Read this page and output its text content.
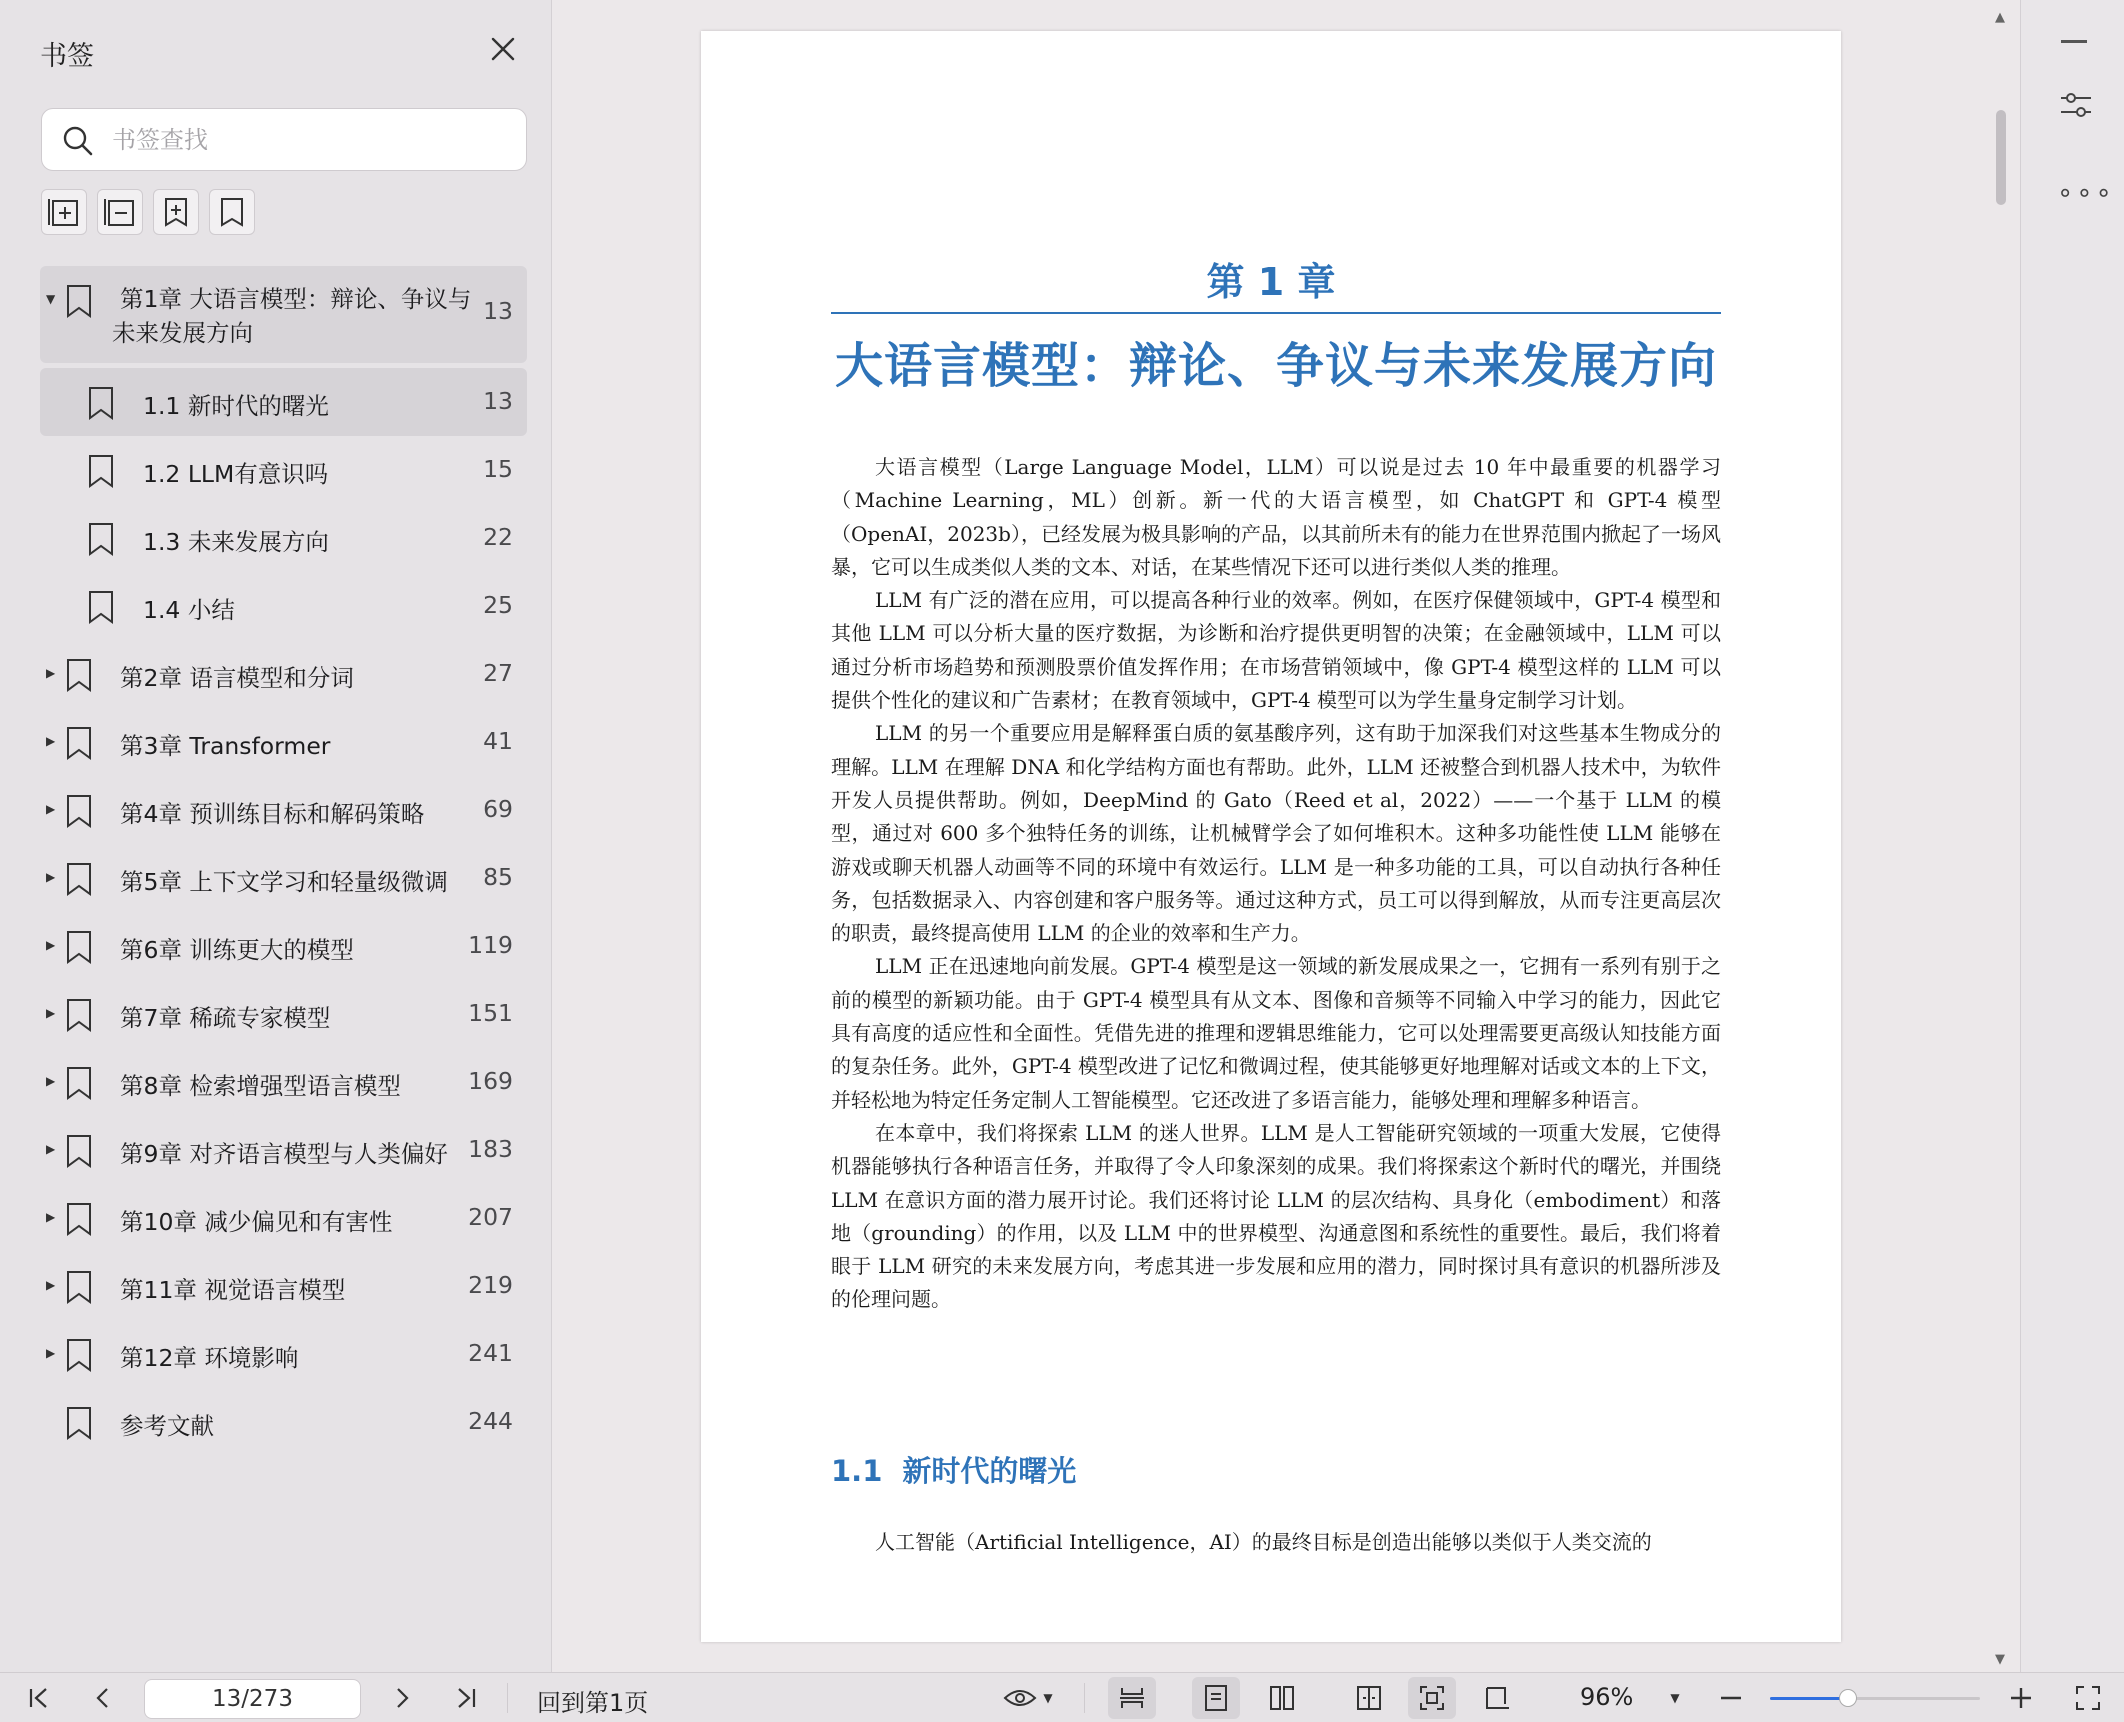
书签
书签查找
▼	第1章 大语言模型：辩论、争议与
未来发展方向
13
1.1 新时代的曙光	13
1.2 LLM有意识吗	15
1.3 未来发展方向	22
1.4 小结	25
▶	第2章 语言模型和分词	27
▶	第3章 Transformer	41
▶	第4章 预训练目标和解码策略 69
▶	第5章 上下文学习和轻量级微调 85
▶	第6章 训练更大的模型	119
▶	第7章 稀疏专家模型	151
▶	第8章 检索增强型语言模型	169
▶	第9章 对齐语言模型与人类偏好 183
▶	第10章 减少偏见和有害性	207
▶	第11章 视觉语言模型	219
▶	第12章 环境影响	241
参考文献	244
第 1 章
大语言模型：辩论、争议与未来发展方向

大语言模型（Large Language Model，LLM）可以说是过去 10 年中最重要的机器学习（Machine Learning，ML）创新。新一代的大语言模型，如 ChatGPT 和 GPT-4 模型（OpenAI，2023b），已经发展为极具影响的产品，以其前所未有的能力在世界范围内掀起了一场风暴，它可以生成类似人类的文本、对话，在某些情况下还可以进行类似人类的推理。

LLM 有广泛的潜在应用，可以提高各种行业的效率。例如，在医疗保健领域中，GPT-4 模型和其他 LLM 可以分析大量的医疗数据，为诊断和治疗提供更明智的决策；在金融领域中，LLM 可以通过分析市场趋势和预测股票价值发挥作用；在市场营销领域中，像 GPT-4 模型这样的 LLM 可以提供个性化的建议和广告素材；在教育领域中，GPT-4 模型可以为学生量身定制学习计划。

LLM 的另一个重要应用是解释蛋白质的氨基酸序列，这有助于加深我们对这些基本生物成分的理解。LLM 在理解 DNA 和化学结构方面也有帮助。此外，LLM 还被整合到机器人技术中，为软件开发人员提供帮助。例如，DeepMind 的 Gato（Reed et al，2022）——一个基于 LLM 的模型，通过对 600 多个独特任务的训练，让机械臂学会了如何堆积木。这种多功能性使 LLM 能够在游戏或聊天机器人动画等不同的环境中有效运行。LLM 是一种多功能的工具，可以自动执行各种任务，包括数据录入、内容创建和客户服务等。通过这种方式，员工可以得到解放，从而专注更高层次的职责，最终提高使用 LLM 的企业的效率和生产力。

LLM 正在迅速地向前发展。GPT-4 模型是这一领域的新发展成果之一，它拥有一系列有别于之前的模型的新颖功能。由于 GPT-4 模型具有从文本、图像和音频等不同输入中学习的能力，因此它具有高度的适应性和全面性。凭借先进的推理和逻辑思维能力，它可以处理需要更高级认知技能方面的复杂任务。此外，GPT-4 模型改进了记忆和微调过程，使其能够更好地理解对话或文本的上下文，并轻松地为特定任务定制人工智能模型。它还改进了多语言能力，能够处理和理解多种语言。

在本章中，我们将探索 LLM 的迷人世界。LLM 是人工智能研究领域的一项重大发展，它使得机器能够执行各种语言任务，并取得了令人印象深刻的成果。我们将探索这个新时代的曙光，并围绕 LLM 在意识方面的潜力展开讨论。我们还将讨论 LLM 的层次结构、具身化（embodiment）和落地（grounding）的作用，以及 LLM 中的世界模型、沟通意图和系统性的重要性。最后，我们将着眼于 LLM 研究的未来发展方向，考虑其进一步发展和应用的潜力，同时探讨具有意识的机器所涉及的伦理问题。

1.1 新时代的曙光

人工智能（Artificial Intelligence，AI）的最终目标是创造出能够以类似于人类交流的

▲
▼
∘∘∘
13/273
回到第1页	▼	96%	▼
